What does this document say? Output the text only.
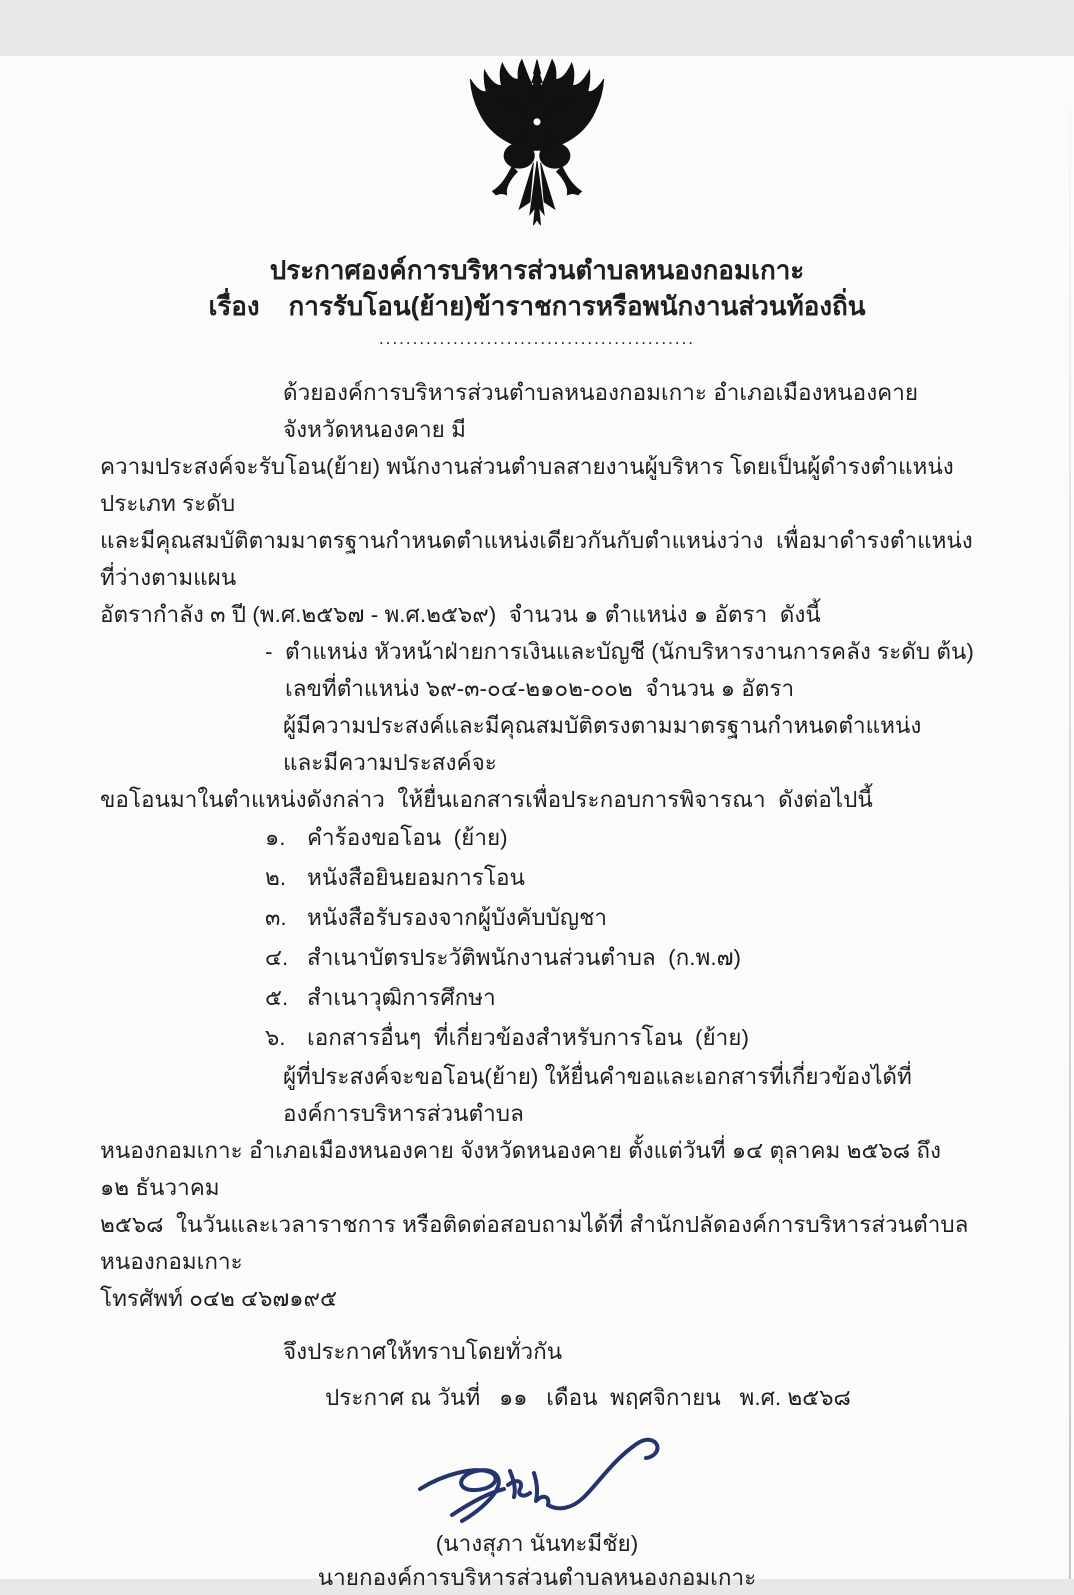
ประกาศองค์การบริหารส่วนตำบลหนองกอมเกาะ
เรื่อง    การรับโอน(ย้าย)ข้าราชการหรือพนักงานส่วนท้องถิ่น
...............................................
ด้วยองค์การบริหารส่วนตำบลหนองกอมเกาะ อำเภอเมืองหนองคาย จังหวัดหนองคาย มี
ความประสงค์จะรับโอน(ย้าย) พนักงานส่วนตำบลสายงานผู้บริหาร โดยเป็นผู้ดำรงตำแหน่งประเภท ระดับ
และมีคุณสมบัติตามมาตรฐานกำหนดตำแหน่งเดียวกันกับตำแหน่งว่าง  เพื่อมาดำรงตำแหน่งที่ว่างตามแผน
อัตรากำลัง ๓ ปี (พ.ศ.๒๕๖๗ - พ.ศ.๒๕๖๙)  จำนวน ๑ ตำแหน่ง ๑ อัตรา  ดังนี้
-  ตำแหน่ง หัวหน้าฝ่ายการเงินและบัญชี (นักบริหารงานการคลัง ระดับ ต้น)
เลขที่ตำแหน่ง ๖๙-๓-๐๔-๒๑๐๒-๐๐๒  จำนวน ๑ อัตรา
ผู้มีความประสงค์และมีคุณสมบัติตรงตามมาตรฐานกำหนดตำแหน่ง  และมีความประสงค์จะ
ขอโอนมาในตำแหน่งดังกล่าว  ให้ยื่นเอกสารเพื่อประกอบการพิจารณา  ดังต่อไปนี้
๑. คำร้องขอโอน  (ย้าย)
๒. หนังสือยินยอมการโอน
๓. หนังสือรับรองจากผู้บังคับบัญชา
๔. สำเนาบัตรประวัติพนักงานส่วนตำบล  (ก.พ.๗)
๕. สำเนาวุฒิการศึกษา
๖. เอกสารอื่นๆ  ที่เกี่ยวข้องสำหรับการโอน  (ย้าย)
ผู้ที่ประสงค์จะขอโอน(ย้าย) ให้ยื่นคำขอและเอกสารที่เกี่ยวข้องได้ที่องค์การบริหารส่วนตำบล
หนองกอมเกาะ อำเภอเมืองหนองคาย จังหวัดหนองคาย ตั้งแต่วันที่ ๑๔ ตุลาคม ๒๕๖๘ ถึง ๑๒ ธันวาคม
๒๕๖๘  ในวันและเวลาราชการ หรือติดต่อสอบถามได้ที่ สำนักปลัดองค์การบริหารส่วนตำบลหนองกอมเกาะ
โทรศัพท์ ๐๔๒ ๔๖๗๑๙๕
จึงประกาศให้ทราบโดยทั่วกัน
ประกาศ ณ วันที่   ๑๑   เดือน  พฤศจิกายน   พ.ศ. ๒๕๖๘
(นางสุภา นันทะมีชัย)
นายกองค์การบริหารส่วนตำบลหนองกอมเกาะ
